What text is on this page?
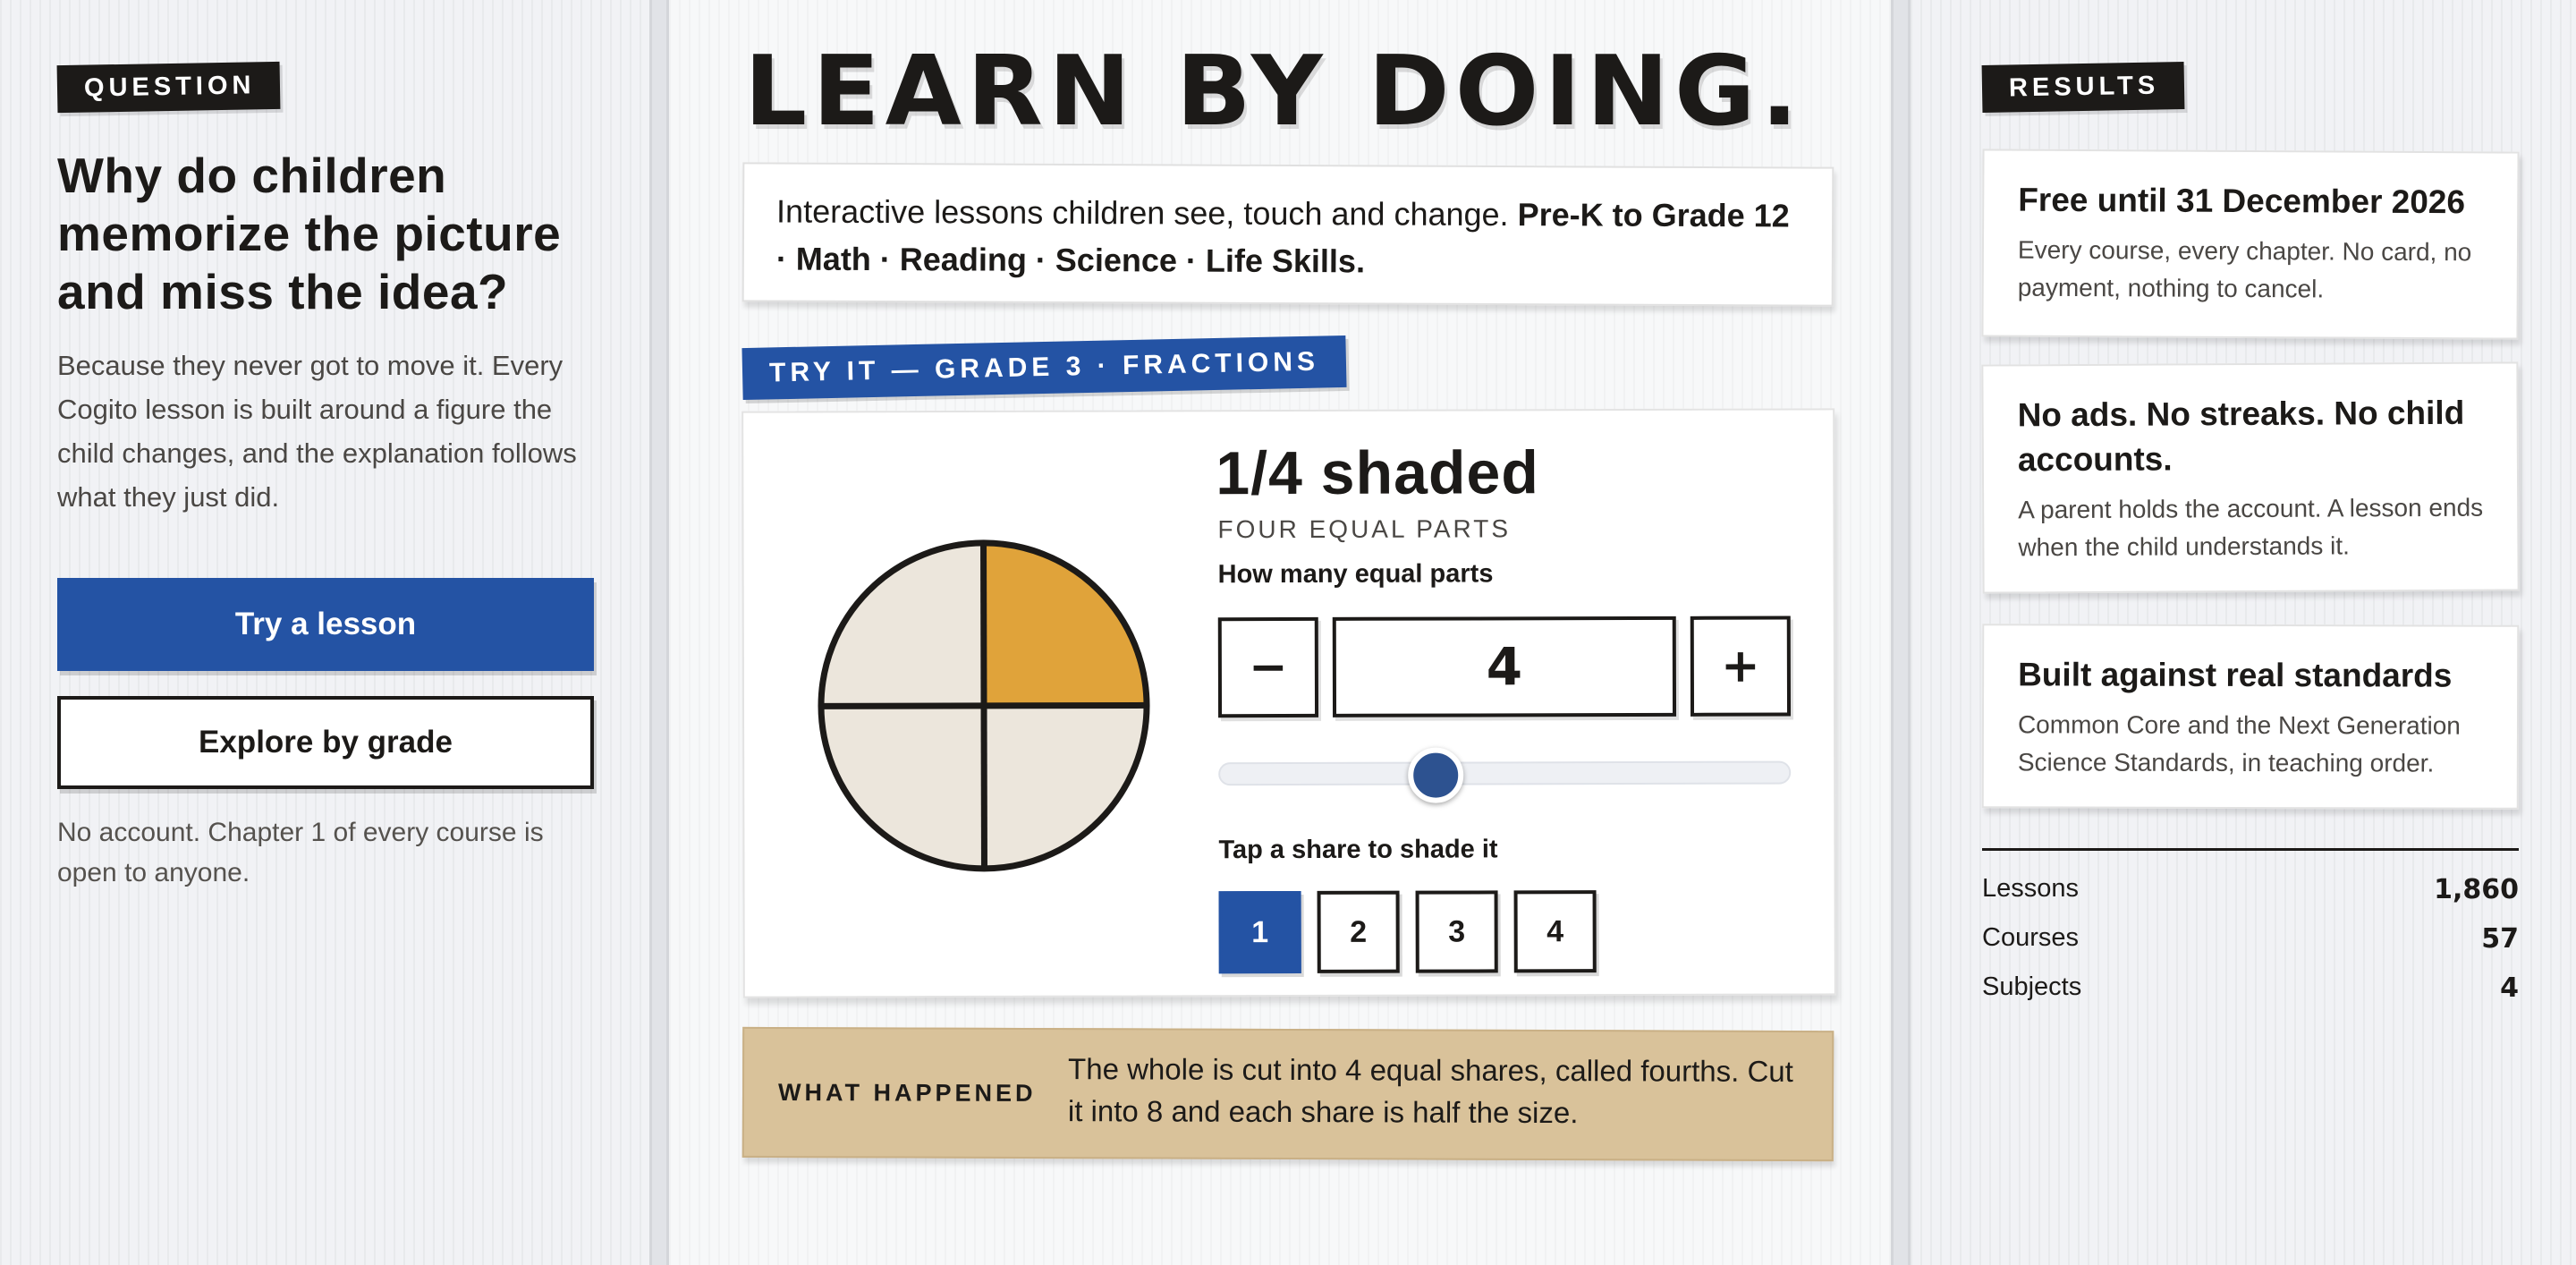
QUESTION
Why do children memorize the picture and miss the idea?

Because they never got to move it. Every Cogito lesson is built around a figure the child changes, and the explanation follows what they just did.

Try a lesson
Explore by grade

No account. Chapter 1 of every course is open to anyone.

LEARN BY DOING.
Interactive lessons children see, touch and change. Pre-K to Grade 12 · Math · Reading · Science · Life Skills.
TRY IT — GRADE 3 · FRACTIONS
1/4 shaded
FOUR EQUAL PARTS
How many equal parts
−	4	+
Tap a share to shade it
1	2	3	4
WHAT HAPPENED
The whole is cut into 4 equal shares, called fourths. Cut it into 8 and each share is half the size.
RESULTS
Free until 31 December 2026

Every course, every chapter. No card, no payment, nothing to cancel.

No ads. No streaks. No child accounts.

A parent holds the account. A lesson ends when the child understands it.

Built against real standards

Common Core and the Next Generation Science Standards, in teaching order.

Lessons	1,860
Courses	57
Subjects	4
